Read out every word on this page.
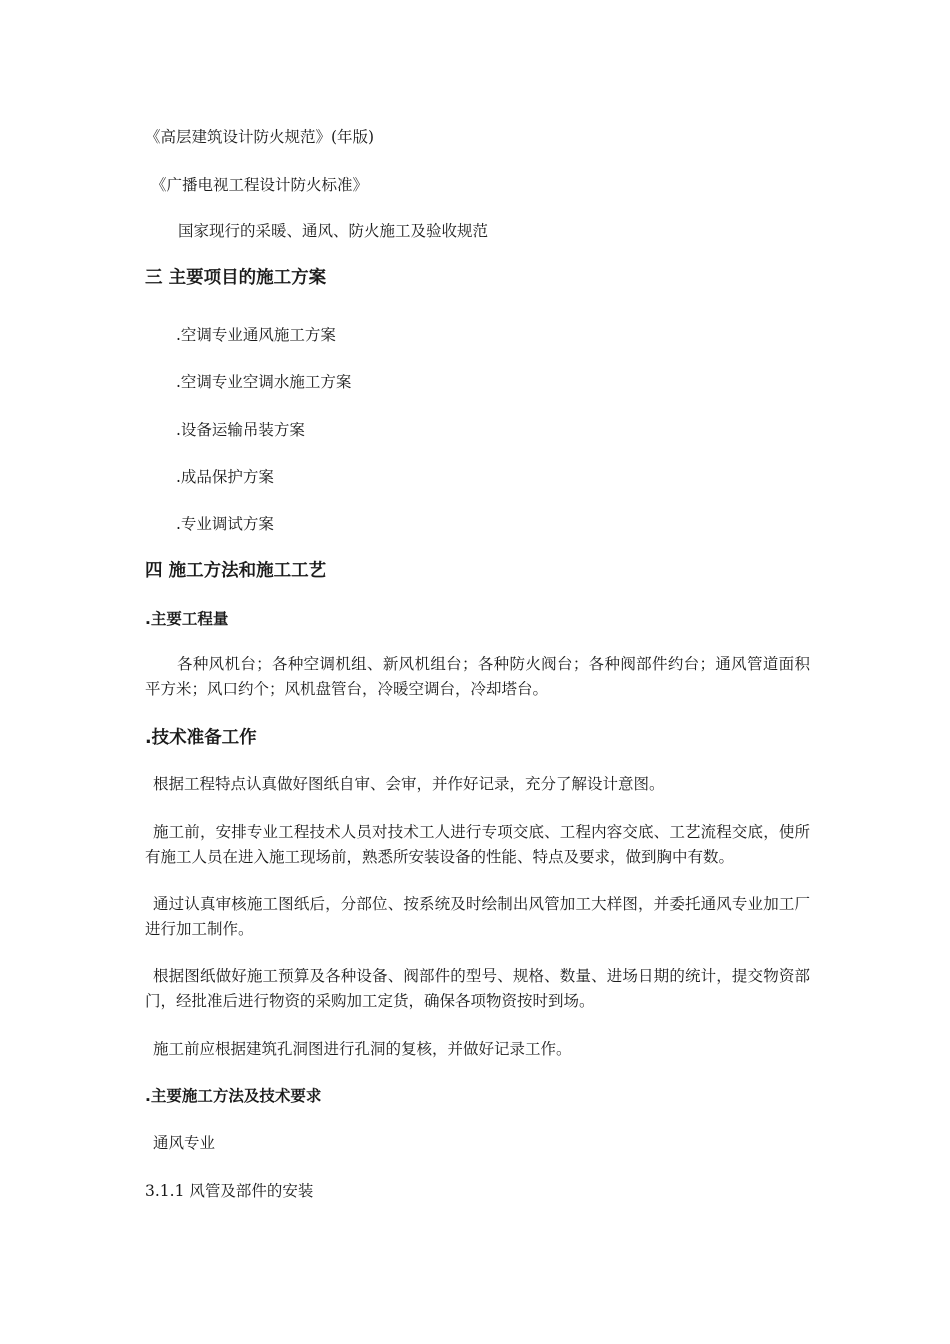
《高层建筑设计防火规范》(年版)
《广播电视工程设计防火标准》
国家现行的采暖、通风、防火施工及验收规范
三 主要项目的施工方案
.空调专业通风施工方案
.空调专业空调水施工方案
.设备运输吊装方案
.成品保护方案
.专业调试方案
四 施工方法和施工工艺
.主要工程量

各种风机台；各种空调机组、新风机组台；各种防火阀台；各种阀部件约台；通风管道面积平方米；风口约个；风机盘管台，冷暖空调台，冷却塔台。

.技术准备工作

根据工程特点认真做好图纸自审、会审，并作好记录，充分了解设计意图。

施工前，安排专业工程技术人员对技术工人进行专项交底、工程内容交底、工艺流程交底，使所有施工人员在进入施工现场前，熟悉所安装设备的性能、特点及要求，做到胸中有数。

通过认真审核施工图纸后，分部位、按系统及时绘制出风管加工大样图，并委托通风专业加工厂进行加工制作。

根据图纸做好施工预算及各种设备、阀部件的型号、规格、数量、进场日期的统计，提交物资部门，经批准后进行物资的采购加工定货，确保各项物资按时到场。

施工前应根据建筑孔洞图进行孔洞的复核，并做好记录工作。

.主要施工方法及技术要求
通风专业
3.1.1 风管及部件的安装
